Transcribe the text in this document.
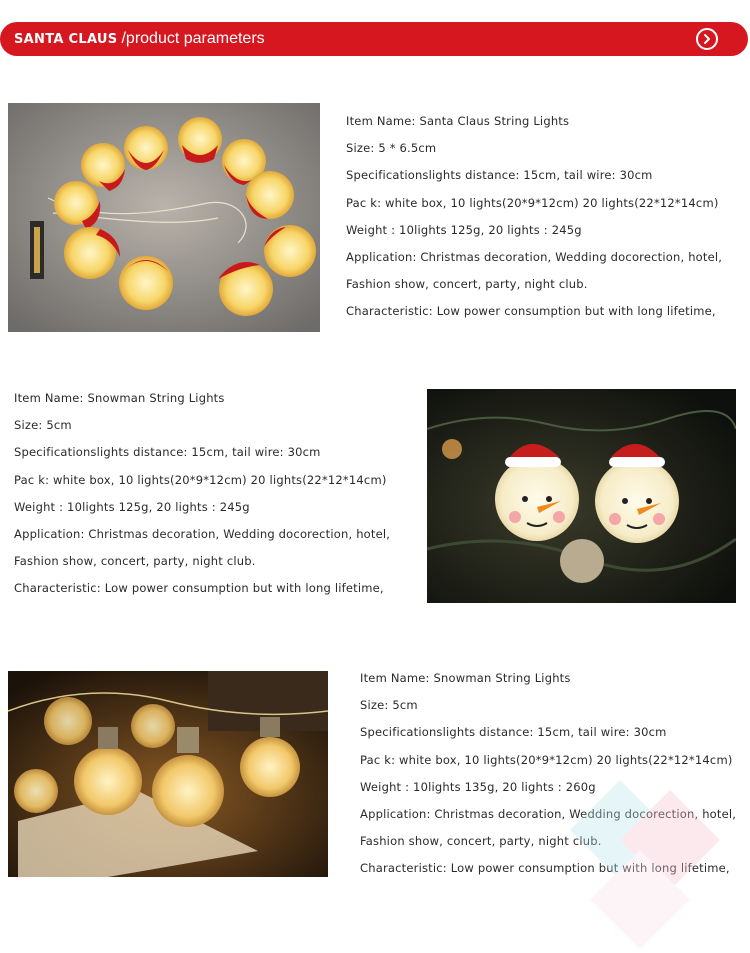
SANTA CLAUS /product parameters
Item Name: Santa Claus String Lights
Size: 5 * 6.5cm
Specificationslights distance: 15cm, tail wire: 30cm
Pac k: white box, 10 lights(20*9*12cm) 20 lights(22*12*14cm)
Weight : 10lights 125g, 20 lights : 245g
Application: Christmas decoration, Wedding docorection, hotel,
Fashion show, concert, party, night club.
Characteristic: Low power consumption but with long lifetime,
Item Name: Snowman String Lights
Size: 5cm
Specificationslights distance: 15cm, tail wire: 30cm
Pac k: white box, 10 lights(20*9*12cm) 20 lights(22*12*14cm)
Weight : 10lights 125g, 20 lights : 245g
Application: Christmas decoration, Wedding docorection, hotel,
Fashion show, concert, party, night club.
Characteristic: Low power consumption but with long lifetime,
Item Name: Snowman String Lights
Size: 5cm
Specificationslights distance: 15cm, tail wire: 30cm
Pac k: white box, 10 lights(20*9*12cm) 20 lights(22*12*14cm)
Weight : 10lights 135g, 20 lights : 260g
Application: Christmas decoration, Wedding docorection, hotel,
Fashion show, concert, party, night club.
Characteristic: Low power consumption but with long lifetime,
